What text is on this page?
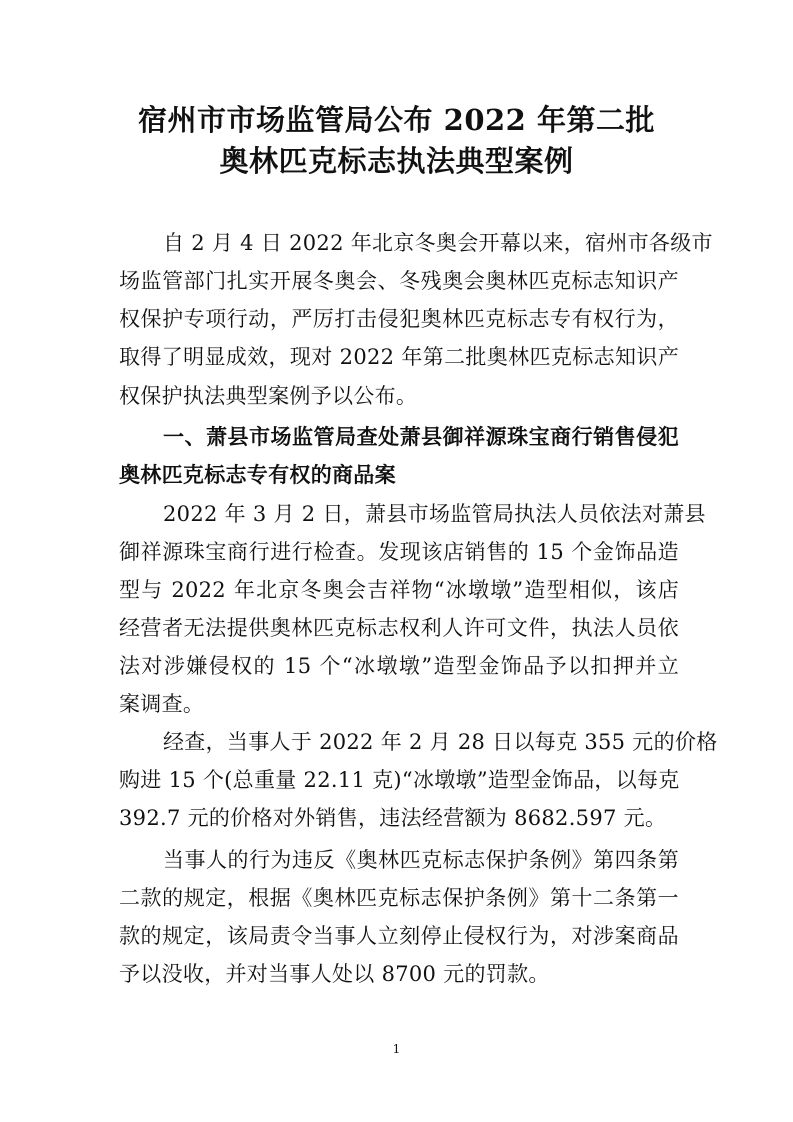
宿州市市场监管局公布 2022 年第二批
奥林匹克标志执法典型案例
自 2 月 4 日 2022 年北京冬奥会开幕以来，宿州市各级市
场监管部门扎实开展冬奥会、冬残奥会奥林匹克标志知识产
权保护专项行动，严厉打击侵犯奥林匹克标志专有权行为，
取得了明显成效，现对 2022 年第二批奥林匹克标志知识产
权保护执法典型案例予以公布。
一、萧县市场监管局查处萧县御祥源珠宝商行销售侵犯
奥林匹克标志专有权的商品案
2022 年 3 月 2 日，萧县市场监管局执法人员依法对萧县
御祥源珠宝商行进行检查。发现该店销售的 15 个金饰品造
型与 2022 年北京冬奥会吉祥物“冰墩墩”造型相似，该店
经营者无法提供奥林匹克标志权利人许可文件，执法人员依
法对涉嫌侵权的 15 个“冰墩墩”造型金饰品予以扣押并立
案调查。
经查，当事人于 2022 年 2 月 28 日以每克 355 元的价格
购进 15 个(总重量 22.11 克)“冰墩墩”造型金饰品，以每克
392.7 元的价格对外销售，违法经营额为 8682.597 元。
当事人的行为违反《奥林匹克标志保护条例》第四条第
二款的规定，根据《奥林匹克标志保护条例》第十二条第一
款的规定，该局责令当事人立刻停止侵权行为，对涉案商品
予以没收，并对当事人处以 8700 元的罚款。
1
